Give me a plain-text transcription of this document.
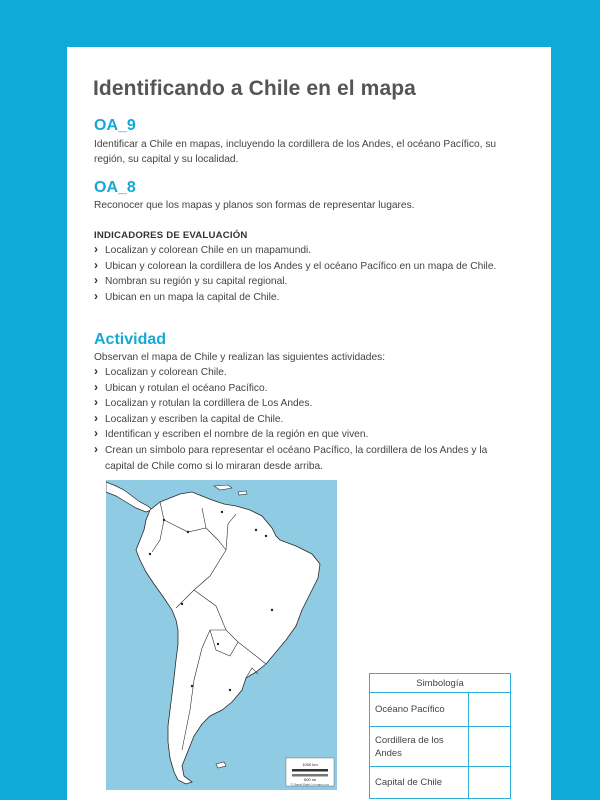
Identificando a Chile en el mapa
OA_9

Identificar a Chile en mapas, incluyendo la cordillera de los Andes, el océano Pacífico, su región, su capital y su localidad.

OA_8

Reconocer que los mapas y planos son formas de representar lugares.

INDICADORES DE EVALUACIÓN
› Localizan y colorean Chile en un mapamundi.
› Ubican y colorean la cordillera de los Andes y el océano Pacífico en un mapa de Chile.
› Nombran su región y su capital regional.
› Ubican en un mapa la capital de Chile.
Actividad

Observan el mapa de Chile y realizan las siguientes actividades:

› Localizan y colorean Chile.
› Ubican y rotulan el océano Pacífico.
› Localizan y rotulan la cordillera de Los Andes.
› Localizan y escriben la capital de Chile.
› Identifican y escriben el nombre de la región en que viven.
› Crean un símbolo para representar el océano Pacífico, la cordillera de los Andes y la capital de Chile como si lo miraran desde arriba.
1000 km
600 mi
© Daniel Dalet / d-maps.com
Simbología	
Océano Pacífico	
Cordillera de los Andes	
Capital de Chile	
